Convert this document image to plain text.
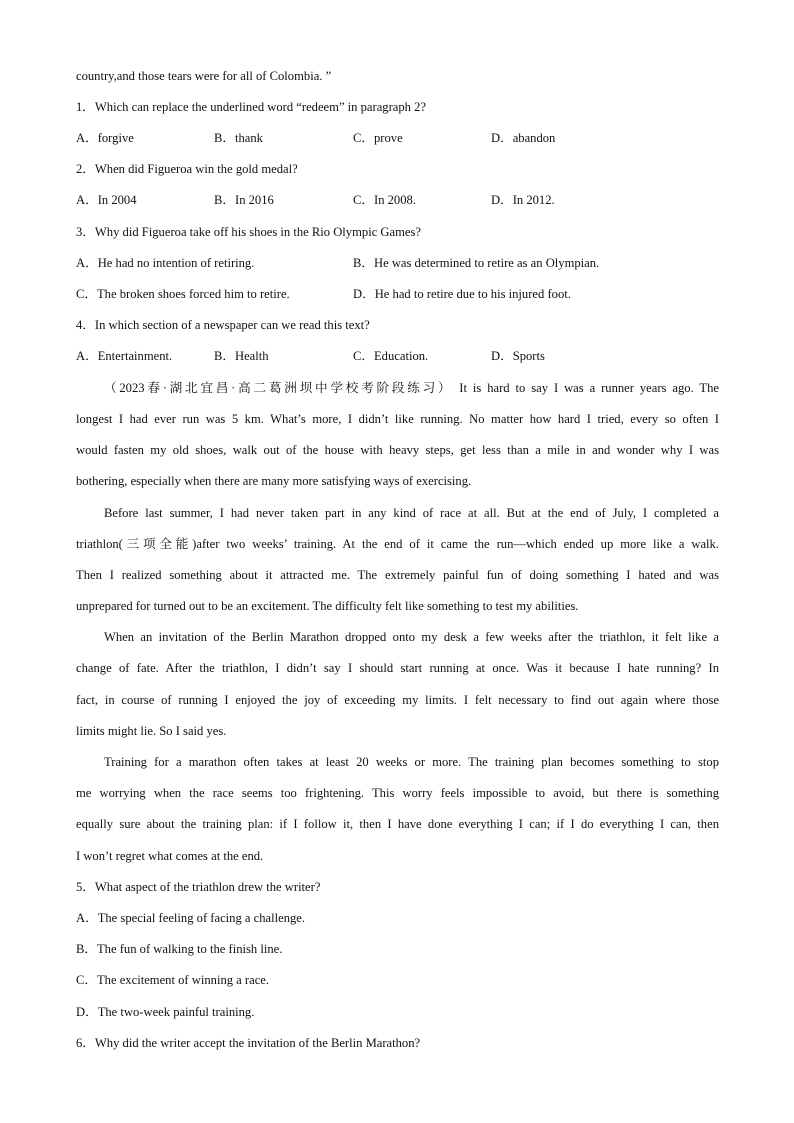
country,and those tears were for all of Colombia. ”
1．Which can replace the underlined word “redeem” in paragraph 2?
A．forgive	B．thank	C．prove	D．abandon
2．When did Figueroa win the gold medal?
A．In 2004	B．In 2016	C．In 2008.	D．In 2012.
3．Why did Figueroa take off his shoes in the Rio Olympic Games?
A．He had no intention of retiring.	B．He was determined to retire as an Olympian.
C．The broken shoes forced him to retire.	D．He had to retire due to his injured foot.
4．In which section of a newspaper can we read this text?
A．Entertainment.	B．Health	C．Education.	D．Sports
（2023春·湖北宜昌·高二葛洲坝中学校考阶段练习） It is hard to say I was a runner years ago. The
longest I had ever run was 5 km. What’s more, I didn’t like running. No matter how hard I tried, every so often I
would fasten my old shoes, walk out of the house with heavy steps, get less than a mile in and wonder why I was
bothering, especially when there are many more satisfying ways of exercising.
Before last summer, I had never taken part in any kind of race at all. But at the end of July, I completed a
triathlon(三项全能)after two weeks’ training. At the end of it came the run—which ended up more like a walk.
Then I realized something about it attracted me. The extremely painful fun of doing something I hated and was
unprepared for turned out to be an excitement. The difficulty felt like something to test my abilities.
When an invitation of the Berlin Marathon dropped onto my desk a few weeks after the triathlon, it felt like a
change of fate. After the triathlon, I didn’t say I should start running at once. Was it because I hate running? In
fact, in course of running I enjoyed the joy of exceeding my limits. I felt necessary to find out again where those
limits might lie. So I said yes.
Training for a marathon often takes at least 20 weeks or more. The training plan becomes something to stop
me worrying when the race seems too frightening. This worry feels impossible to avoid, but there is something
equally sure about the training plan: if I follow it, then I have done everything I can; if I do everything I can, then
I won’t regret what comes at the end.
5．What aspect of the triathlon drew the writer?
A．The special feeling of facing a challenge.
B．The fun of walking to the finish line.
C．The excitement of winning a race.
D．The two-week painful training.
6．Why did the writer accept the invitation of the Berlin Marathon?
